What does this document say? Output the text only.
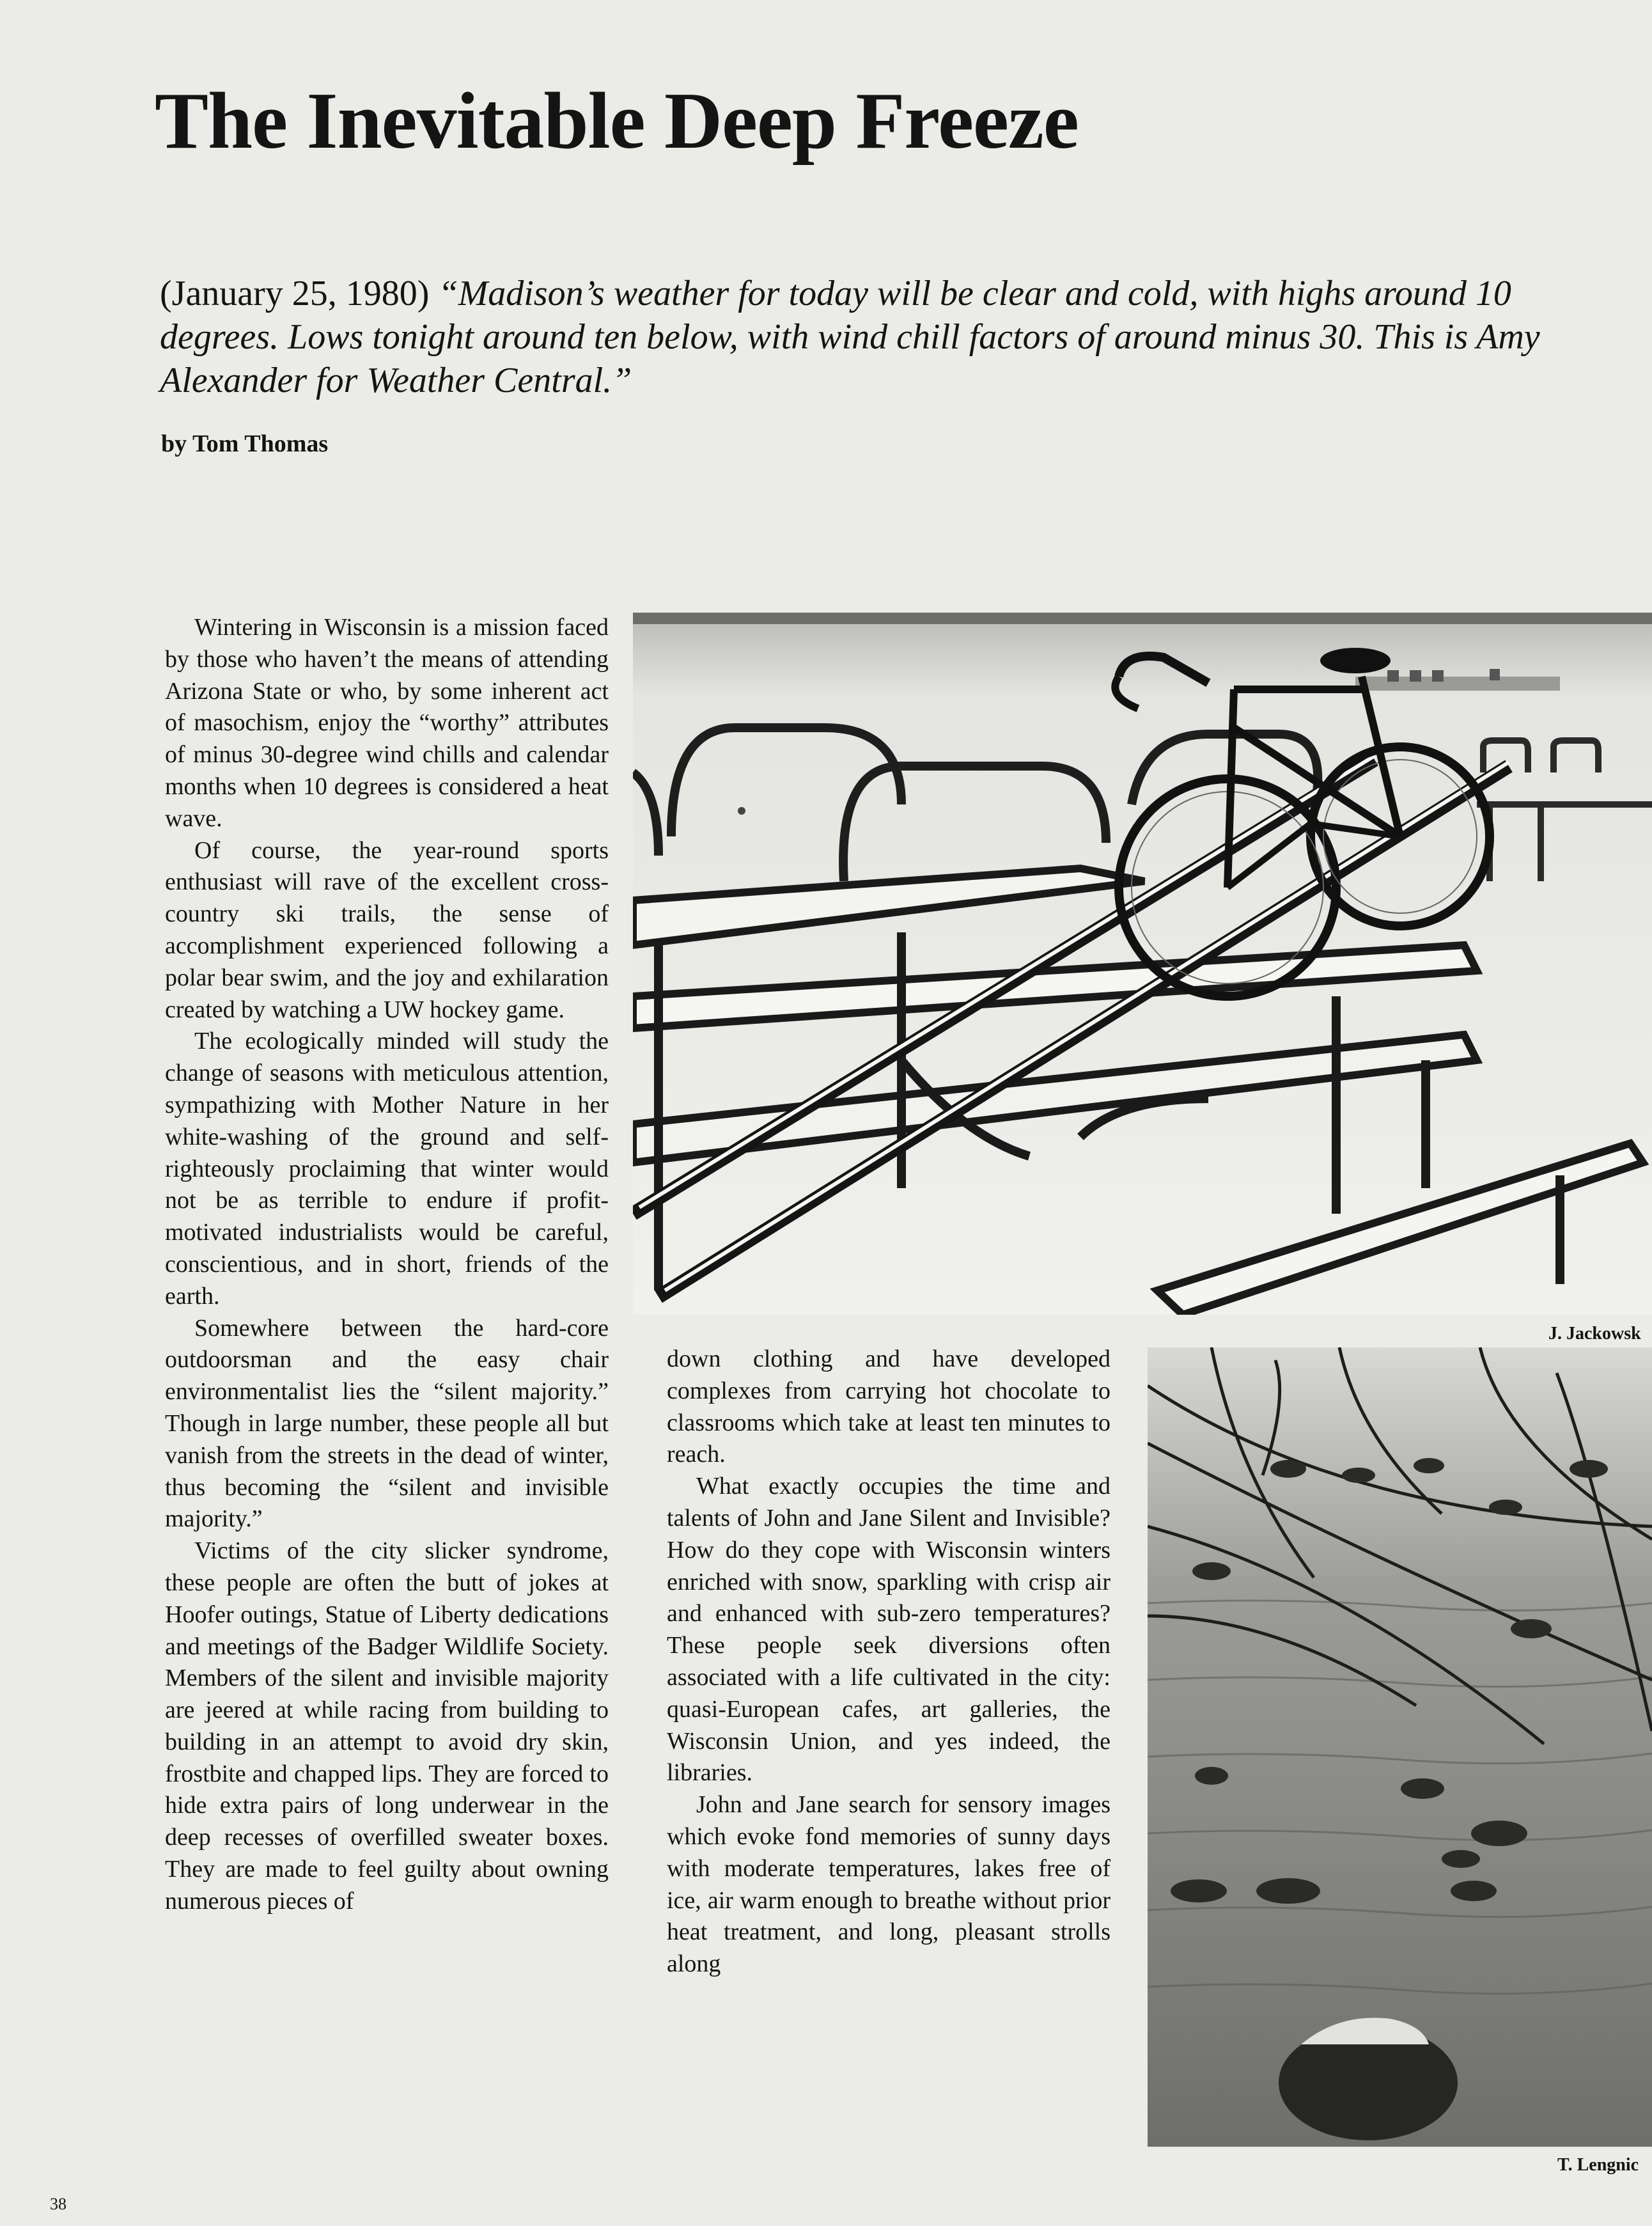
The Inevitable Deep Freeze

(January 25, 1980) “Madison’s weather for today will be clear and cold, with highs around 10 degrees. Lows tonight around ten below, with wind chill factors of around minus 30. This is Amy Alexander for Weather Central.”

by Tom Thomas

Wintering in Wisconsin is a mission faced by those who haven’t the means of attending Arizona State or who, by some inherent act of masochism, enjoy the “worthy” attributes of minus 30-degree wind chills and calendar months when 10 degrees is considered a heat wave.

Of course, the year-round sports enthusiast will rave of the excellent cross-country ski trails, the sense of accomplishment experienced following a polar bear swim, and the joy and exhilaration created by watching a UW hockey game.

The ecologically minded will study the change of seasons with meticulous attention, sympathizing with Mother Nature in her white-washing of the ground and self-righteously proclaiming that winter would not be as terrible to endure if profit-motivated industrialists would be careful, conscientious, and in short, friends of the earth.

Somewhere between the hard-core outdoorsman and the easy chair environmentalist lies the “silent majority.” Though in large number, these people all but vanish from the streets in the dead of winter, thus becoming the “silent and invisible majority.”

Victims of the city slicker syndrome, these people are often the butt of jokes at Hoofer outings, Statue of Liberty dedications and meetings of the Badger Wildlife Society. Members of the silent and invisible majority are jeered at while racing from building to building in an attempt to avoid dry skin, frostbite and chapped lips. They are forced to hide extra pairs of long underwear in the deep recesses of overfilled sweater boxes. They are made to feel guilty about owning numerous pieces of

J. Jackowsk

down clothing and have developed complexes from carrying hot chocolate to classrooms which take at least ten minutes to reach.

What exactly occupies the time and talents of John and Jane Silent and Invisible? How do they cope with Wisconsin winters enriched with snow, sparkling with crisp air and enhanced with sub-zero temperatures? These people seek diversions often associated with a life cultivated in the city: quasi-European cafes, art galleries, the Wisconsin Union, and yes indeed, the libraries.

John and Jane search for sensory images which evoke fond memories of sunny days with moderate temperatures, lakes free of ice, air warm enough to breathe without prior heat treatment, and long, pleasant strolls along

T. Lengnic
38
